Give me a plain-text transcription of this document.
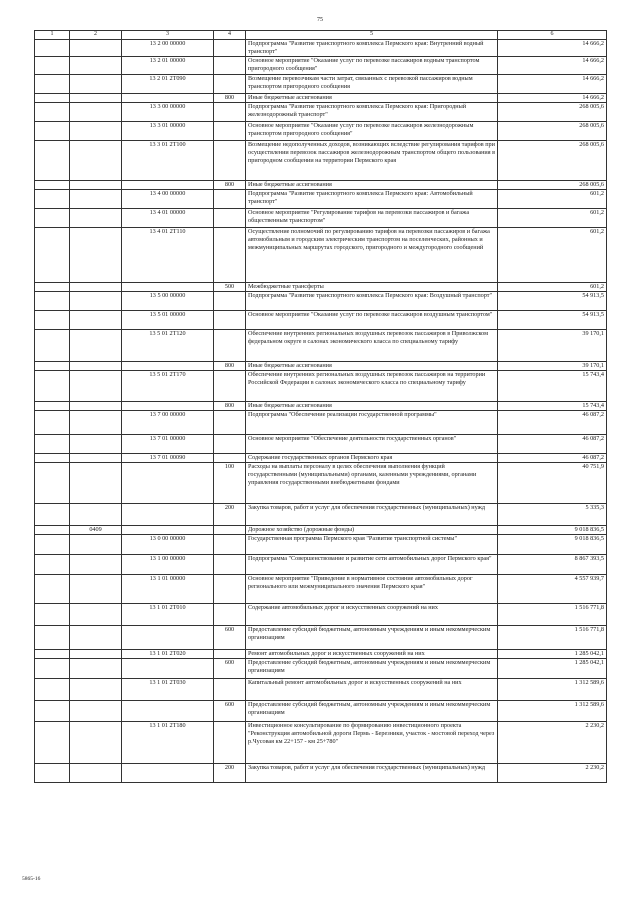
75
1	2	3	4	5	6
		13 2 00 00000		Подпрограмма "Развитие транспортного комплекса Пермского края: Внутренний водный транспорт"	14 666,2
		13 2 01 00000		Основное мероприятие "Оказание услуг по перевозке пассажиров водным транспортом пригородного сообщения"	14 666,2
		13 2 01 2Т090		Возмещение перевозчикам части затрат, связанных с перевозкой пассажиров водным транспортом пригородного сообщения	14 666,2
			800	Иные бюджетные ассигнования	14 666,2
		13 3 00 00000		Подпрограмма "Развитие транспортного комплекса Пермского края: Пригородный железнодорожный транспорт"	268 005,6
		13 3 01 00000		Основное мероприятие "Оказание услуг по перевозке пассажиров железнодорожным транспортом пригородного сообщения"	268 005,6
		13 3 01 2Т100		Возмещение недополученных доходов, возникающих вследствие регулирования тарифов при осуществлении перевозок пассажиров железнодорожным транспортом общего пользования в пригородном сообщении на территории Пермского края	268 005,6
			800	Иные бюджетные ассигнования	268 005,6
		13 4 00 00000		Подпрограмма "Развитие транспортного комплекса Пермского края: Автомобильный транспорт"	601,2
		13 4 01 00000		Основное мероприятие "Регулирование тарифов на перевозки пассажиров и багажа общественным транспортом"	601,2
		13 4 01 2Т110		Осуществление полномочий по регулированию тарифов на перевозки пассажиров и багажа автомобильным и городским электрическим транспортом на поселенческих, районных и межмуниципальных маршрутах городского, пригородного и междугородного сообщений	601,2
			500	Межбюджетные трансферты	601,2
		13 5 00 00000		Подпрограмма "Развитие транспортного комплекса Пермского края: Воздушный транспорт"	54 913,5
		13 5 01 00000		Основное мероприятие "Оказание услуг по перевозке пассажиров воздушным транспортом"	54 913,5
		13 5 01 2Т120		Обеспечение внутренних региональных воздушных перевозок пассажиров в Приволжском федеральном округе в салонах экономического класса по специальному тарифу	39 170,1
			800	Иные бюджетные ассигнования	39 170,1
		13 5 01 2Т170		Обеспечение внутренних региональных воздушных перевозок пассажиров на территории Российской Федерации в салонах экономического класса по специальному тарифу	15 743,4
			800	Иные бюджетные ассигнования	15 743,4
		13 7 00 00000		Подпрограмма "Обеспечение реализации государственной программы"	46 087,2
		13 7 01 00000		Основное мероприятие "Обеспечение деятельности государственных органов"	46 087,2
		13 7 01 00090		Содержание государственных органов Пермского края	46 087,2
			100	Расходы на выплаты персоналу в целях обеспечения выполнения функций государственными (муниципальными) органами, казенными учреждениями, органами управления государственными внебюджетными фондами	40 751,9
			200	Закупка товаров, работ и услуг для обеспечения государственных (муниципальных) нужд	5 335,3
	0409			Дорожное хозяйство (дорожные фонды)	9 018 836,5
		13 0 00 00000		Государственная программа Пермского края "Развитие транспортной системы"	9 018 836,5
		13 1 00 00000		Подпрограмма "Совершенствование и развитие сети автомобильных дорог Пермского края"	8 867 393,5
		13 1 01 00000		Основное мероприятие "Приведение в нормативное состояние автомобильных дорог регионального или межмуниципального значения Пермского края"	4 557 939,7
		13 1 01 2Т010		Содержание автомобильных дорог и искусственных сооружений на них	1 516 771,8
			600	Предоставление субсидий бюджетным, автономным учреждениям и иным некоммерческим организациям	1 516 771,8
		13 1 01 2Т020		Ремонт автомобильных дорог и искусственных сооружений на них	1 285 042,1
			600	Предоставление субсидий бюджетным, автономным учреждениям и иным некоммерческим организациям	1 285 042,1
		13 1 01 2Т030		Капитальный ремонт автомобильных дорог и искусственных сооружений на них	1 312 589,6
			600	Предоставление субсидий бюджетным, автономным учреждениям и иным некоммерческим организациям	1 312 589,6
		13 1 01 2Т180		Инвестиционное консультирование по формированию инвестиционного проекта "Реконструкция автомобильной дороги Пермь - Березники, участок - мостовой переход через р.Чусовая км 22+157 - км 25+780"	2 230,2
			200	Закупка товаров, работ и услуг для обеспечения государственных (муниципальных) нужд	2 230,2
5865-16
